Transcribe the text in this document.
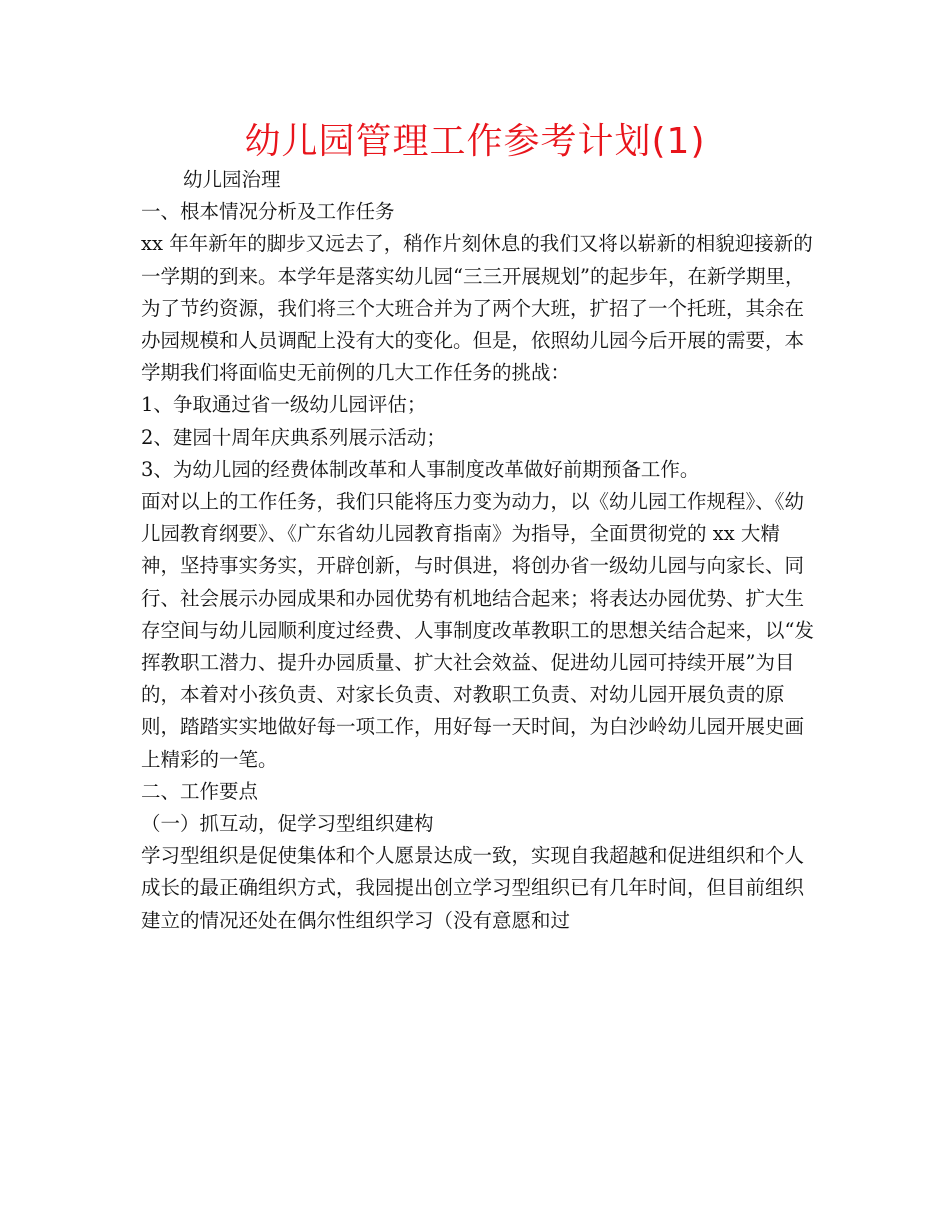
幼儿园管理工作参考计划(1)

幼儿园治理

一、根本情况分析及工作任务

xx 年年新年的脚步又远去了，稍作片刻休息的我们又将以崭新的相貌迎接新的一学期的到来。本学年是落实幼儿园“三三开展规划”的起步年，在新学期里，为了节约资源，我们将三个大班合并为了两个大班，扩招了一个托班，其余在办园规模和人员调配上没有大的变化。但是，依照幼儿园今后开展的需要，本学期我们将面临史无前例的几大工作任务的挑战：

1、争取通过省一级幼儿园评估；

2、建园十周年庆典系列展示活动；

3、为幼儿园的经费体制改革和人事制度改革做好前期预备工作。

面对以上的工作任务，我们只能将压力变为动力，以《幼儿园工作规程》、《幼儿园教育纲要》、《广东省幼儿园教育指南》为指导，全面贯彻党的 xx 大精神，坚持事实务实，开辟创新，与时俱进，将创办省一级幼儿园与向家长、同行、社会展示办园成果和办园优势有机地结合起来；将表达办园优势、扩大生存空间与幼儿园顺利度过经费、人事制度改革教职工的思想关结合起来，以“发挥教职工潜力、提升办园质量、扩大社会效益、促进幼儿园可持续开展”为目的，本着对小孩负责、对家长负责、对教职工负责、对幼儿园开展负责的原则，踏踏实实地做好每一项工作，用好每一天时间，为白沙岭幼儿园开展史画上精彩的一笔。

二、工作要点

（一）抓互动，促学习型组织建构

学习型组织是促使集体和个人愿景达成一致，实现自我超越和促进组织和个人成长的最正确组织方式，我园提出创立学习型组织已有几年时间，但目前组织建立的情况还处在偶尔性组织学习（没有意愿和过
